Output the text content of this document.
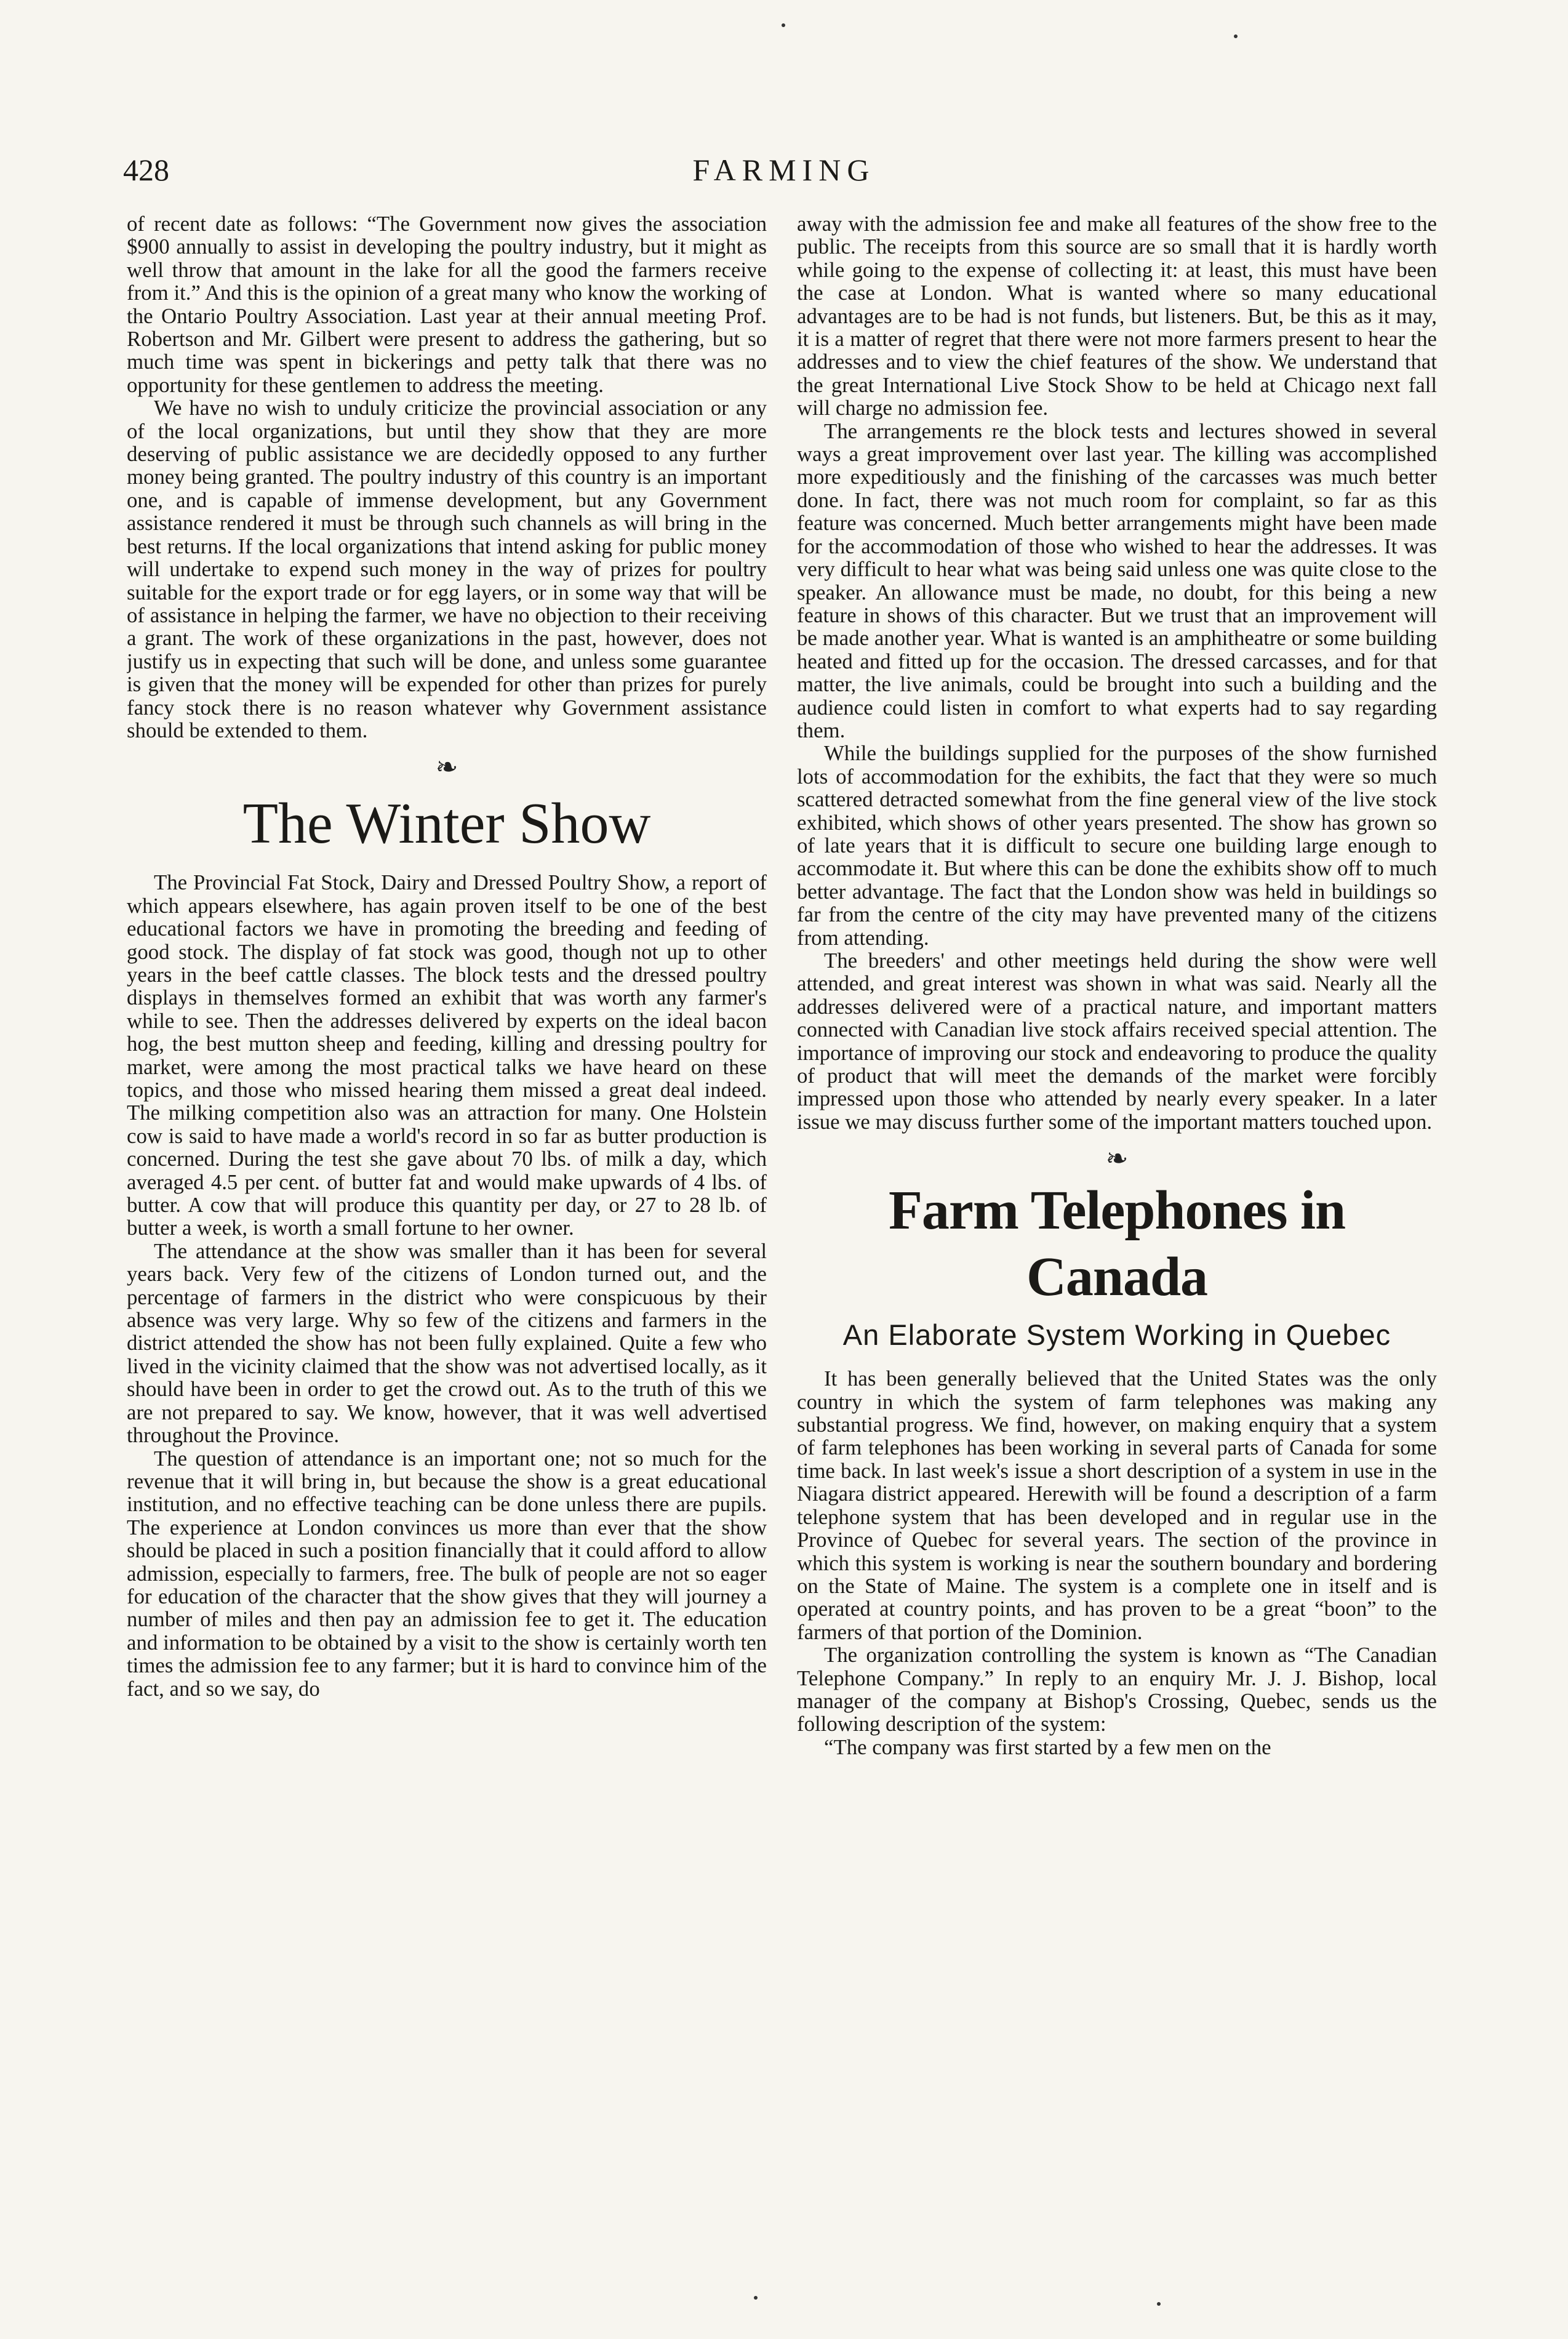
428	FARMING

of recent date as follows: “The Government now gives the association $900 annually to assist in developing the poultry industry, but it might as well throw that amount in the lake for all the good the farmers receive from it.” And this is the opinion of a great many who know the working of the Ontario Poultry Association. Last year at their annual meeting Prof. Robertson and Mr. Gilbert were present to address the gathering, but so much time was spent in bickerings and petty talk that there was no opportunity for these gentlemen to address the meeting.

We have no wish to unduly criticize the provincial association or any of the local organizations, but until they show that they are more deserving of public assistance we are decidedly opposed to any further money being granted. The poultry industry of this country is an important one, and is capable of immense development, but any Government assistance rendered it must be through such channels as will bring in the best returns. If the local organizations that intend asking for public money will undertake to expend such money in the way of prizes for poultry suitable for the export trade or for egg layers, or in some way that will be of assistance in helping the farmer, we have no objection to their receiving a grant. The work of these organizations in the past, however, does not justify us in expecting that such will be done, and unless some guarantee is given that the money will be expended for other than prizes for purely fancy stock there is no reason whatever why Government assistance should be extended to them.

❧
The Winter Show

The Provincial Fat Stock, Dairy and Dressed Poultry Show, a report of which appears elsewhere, has again proven itself to be one of the best educational factors we have in promoting the breeding and feeding of good stock. The display of fat stock was good, though not up to other years in the beef cattle classes. The block tests and the dressed poultry displays in themselves formed an exhibit that was worth any farmer's while to see. Then the addresses delivered by experts on the ideal bacon hog, the best mutton sheep and feeding, killing and dressing poultry for market, were among the most practical talks we have heard on these topics, and those who missed hearing them missed a great deal indeed. The milking competition also was an attraction for many. One Holstein cow is said to have made a world's record in so far as butter production is concerned. During the test she gave about 70 lbs. of milk a day, which averaged 4.5 per cent. of butter fat and would make upwards of 4 lbs. of butter. A cow that will produce this quantity per day, or 27 to 28 lb. of butter a week, is worth a small fortune to her owner.

The attendance at the show was smaller than it has been for several years back. Very few of the citizens of London turned out, and the percentage of farmers in the district who were conspicuous by their absence was very large. Why so few of the citizens and farmers in the district attended the show has not been fully explained. Quite a few who lived in the vicinity claimed that the show was not advertised locally, as it should have been in order to get the crowd out. As to the truth of this we are not prepared to say. We know, however, that it was well advertised throughout the Province.

The question of attendance is an important one; not so much for the revenue that it will bring in, but because the show is a great educational institution, and no effective teaching can be done unless there are pupils. The experience at London convinces us more than ever that the show should be placed in such a position financially that it could afford to allow admission, especially to farmers, free. The bulk of people are not so eager for education of the character that the show gives that they will journey a number of miles and then pay an admission fee to get it. The education and information to be obtained by a visit to the show is certainly worth ten times the admission fee to any farmer; but it is hard to convince him of the fact, and so we say, do

away with the admission fee and make all features of the show free to the public. The receipts from this source are so small that it is hardly worth while going to the expense of collecting it: at least, this must have been the case at London. What is wanted where so many educational advantages are to be had is not funds, but listeners. But, be this as it may, it is a matter of regret that there were not more farmers present to hear the addresses and to view the chief features of the show. We understand that the great International Live Stock Show to be held at Chicago next fall will charge no admission fee.

The arrangements re the block tests and lectures showed in several ways a great improvement over last year. The killing was accomplished more expeditiously and the finishing of the carcasses was much better done. In fact, there was not much room for complaint, so far as this feature was concerned. Much better arrangements might have been made for the accommodation of those who wished to hear the addresses. It was very difficult to hear what was being said unless one was quite close to the speaker. An allowance must be made, no doubt, for this being a new feature in shows of this character. But we trust that an improvement will be made another year. What is wanted is an amphitheatre or some building heated and fitted up for the occasion. The dressed carcasses, and for that matter, the live animals, could be brought into such a building and the audience could listen in comfort to what experts had to say regarding them.

While the buildings supplied for the purposes of the show furnished lots of accommodation for the exhibits, the fact that they were so much scattered detracted somewhat from the fine general view of the live stock exhibited, which shows of other years presented. The show has grown so of late years that it is difficult to secure one building large enough to accommodate it. But where this can be done the exhibits show off to much better advantage. The fact that the London show was held in buildings so far from the centre of the city may have prevented many of the citizens from attending.

The breeders' and other meetings held during the show were well attended, and great interest was shown in what was said. Nearly all the addresses delivered were of a practical nature, and important matters connected with Canadian live stock affairs received special attention. The importance of improving our stock and endeavoring to produce the quality of product that will meet the demands of the market were forcibly impressed upon those who attended by nearly every speaker. In a later issue we may discuss further some of the important matters touched upon.

❧
Farm Telephones in Canada
An Elaborate System Working in Quebec

It has been generally believed that the United States was the only country in which the system of farm telephones was making any substantial progress. We find, however, on making enquiry that a system of farm telephones has been working in several parts of Canada for some time back. In last week's issue a short description of a system in use in the Niagara district appeared. Herewith will be found a description of a farm telephone system that has been developed and in regular use in the Province of Quebec for several years. The section of the province in which this system is working is near the southern boundary and bordering on the State of Maine. The system is a complete one in itself and is operated at country points, and has proven to be a great “boon” to the farmers of that portion of the Dominion.

The organization controlling the system is known as “The Canadian Telephone Company.” In reply to an enquiry Mr. J. J. Bishop, local manager of the company at Bishop's Crossing, Quebec, sends us the following description of the system:

“The company was first started by a few men on the
